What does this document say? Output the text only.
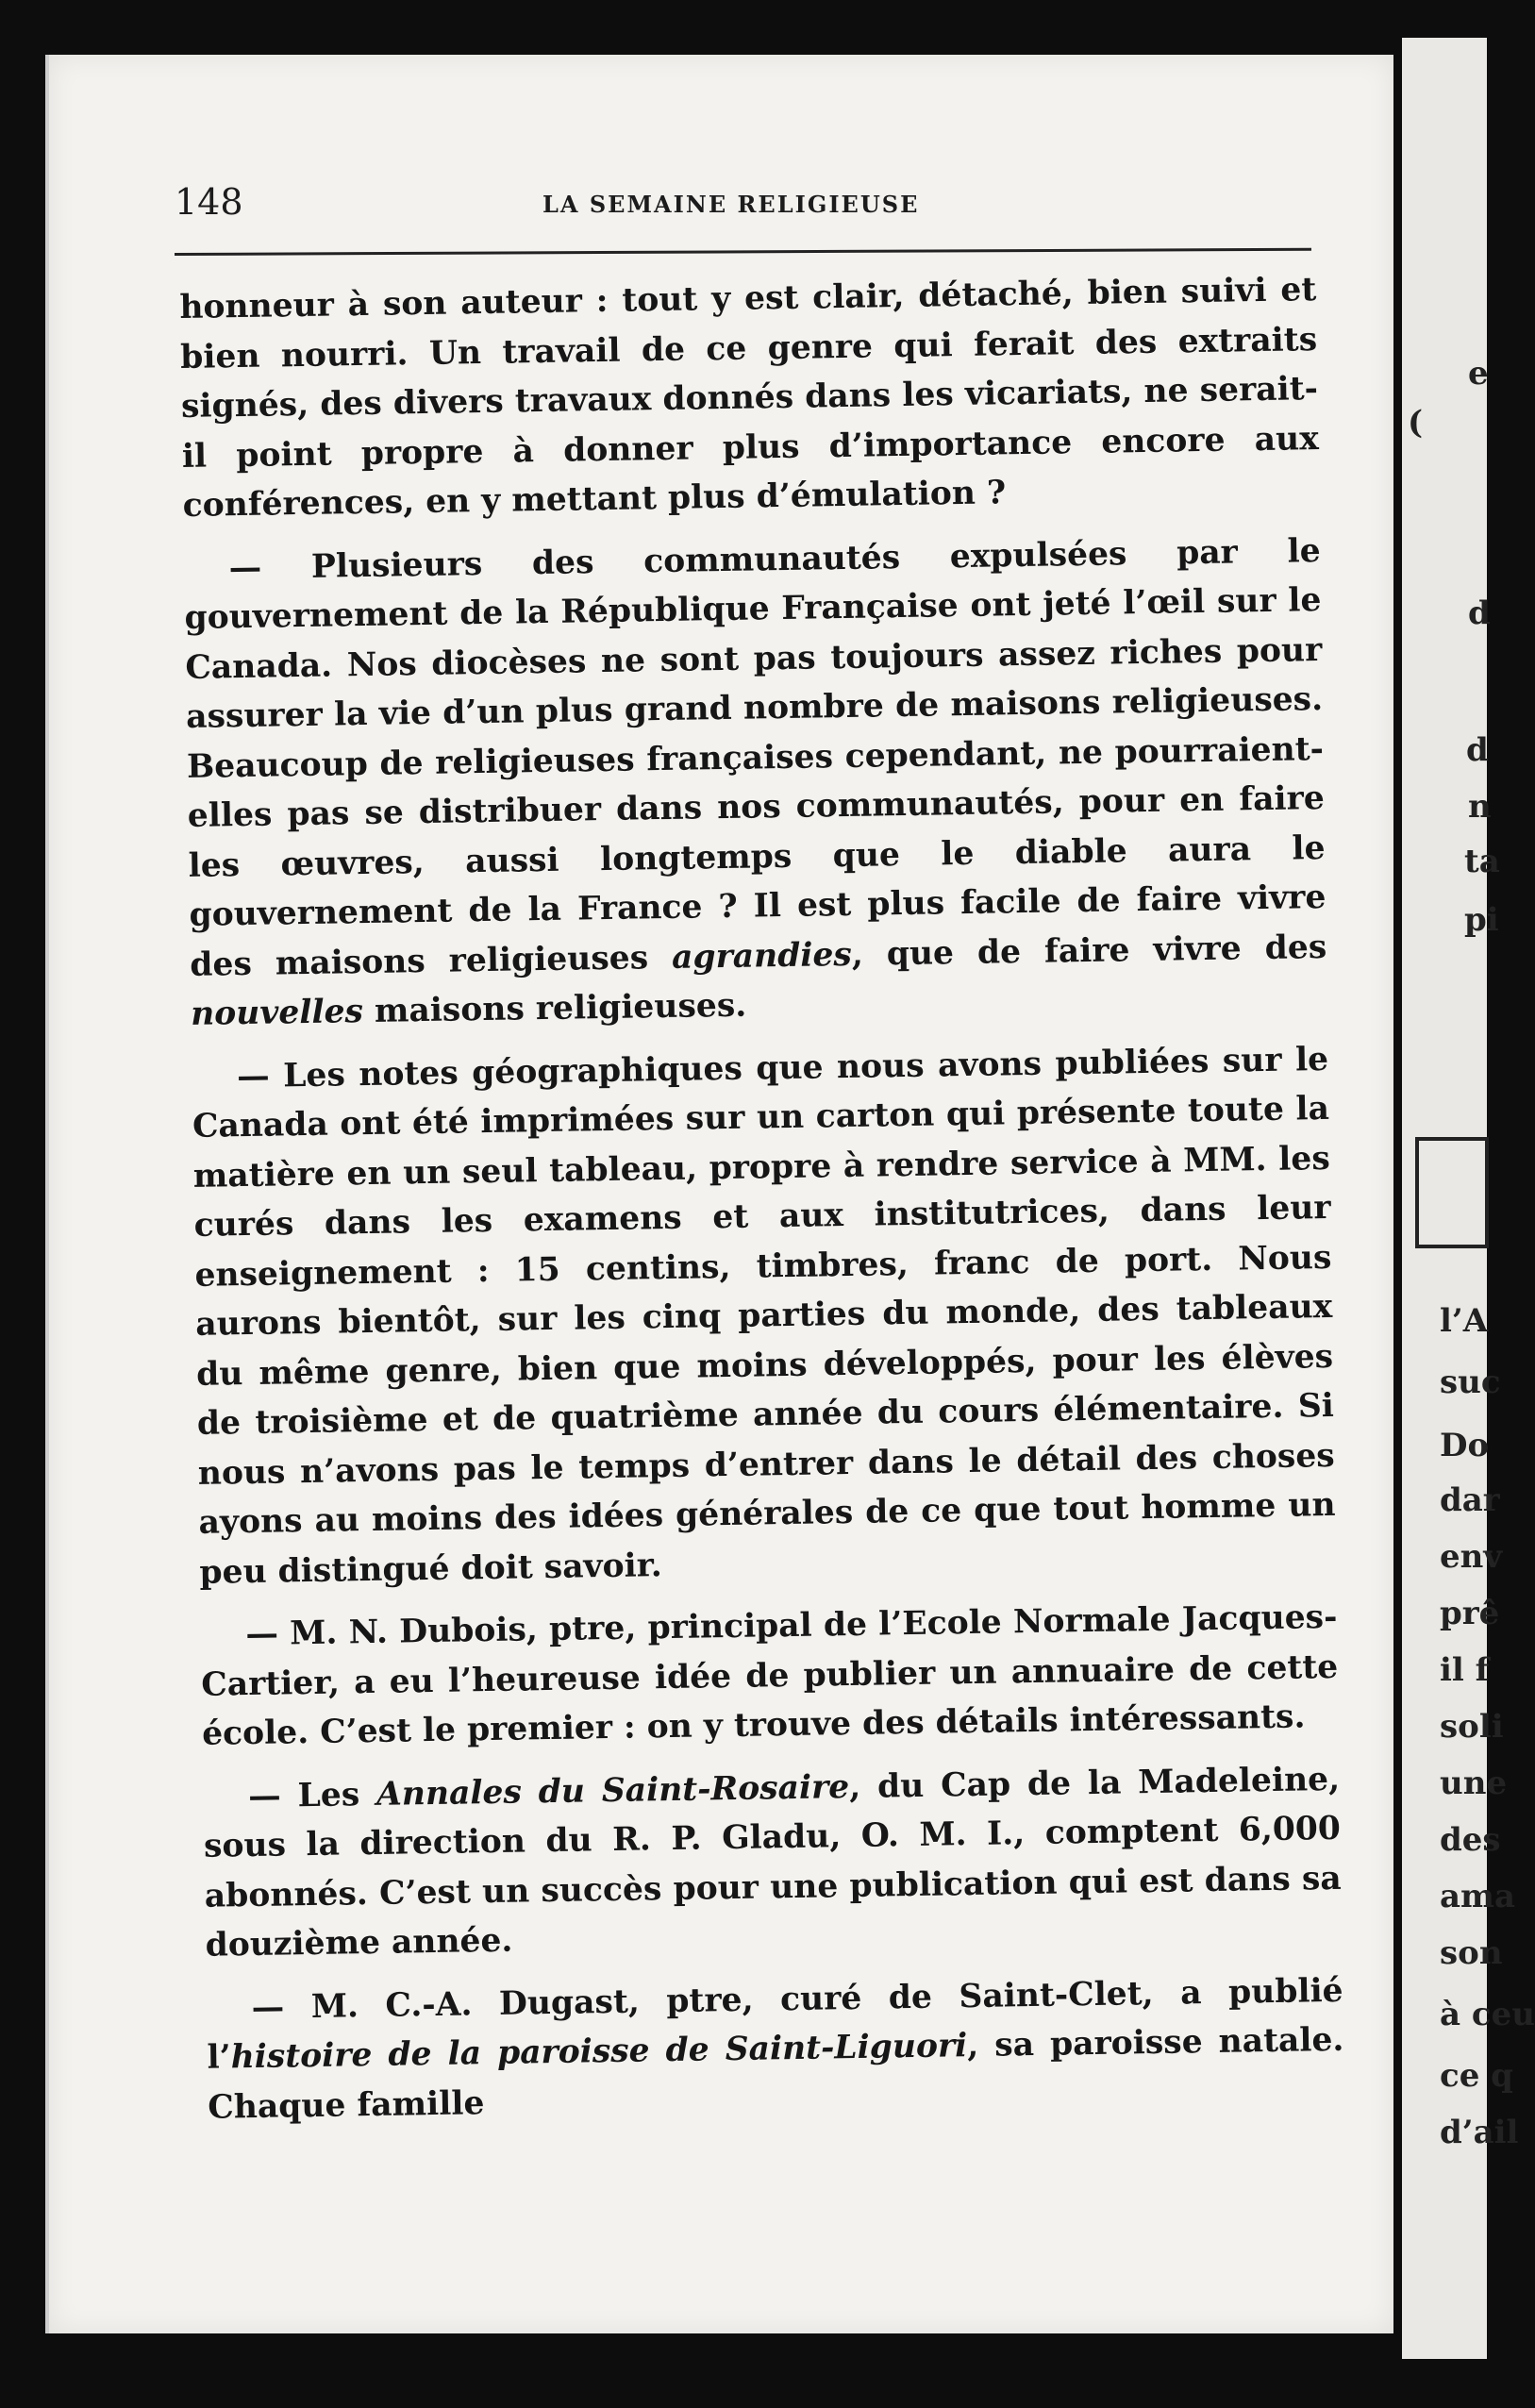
148	LA SEMAINE RELIGIEUSE

honneur à son auteur : tout y est clair, détaché, bien suivi et bien nourri. Un travail de ce genre qui ferait des extraits signés, des divers travaux donnés dans les vicariats, ne serait-il point propre à donner plus d’importance encore aux conférences, en y mettant plus d’émulation ?

— Plusieurs des communautés expulsées par le gouvernement de la République Française ont jeté l’œil sur le Canada. Nos diocèses ne sont pas toujours assez riches pour assurer la vie d’un plus grand nombre de maisons religieuses. Beaucoup de religieuses françaises cependant, ne pourraient-elles pas se distribuer dans nos communautés, pour en faire les œuvres, aussi longtemps que le diable aura le gouvernement de la France ? Il est plus facile de faire vivre des maisons religieuses agrandies, que de faire vivre des nouvelles maisons religieuses.

— Les notes géographiques que nous avons publiées sur le Canada ont été imprimées sur un carton qui présente toute la matière en un seul tableau, propre à rendre service à MM. les curés dans les examens et aux institutrices, dans leur enseignement : 15 centins, timbres, franc de port. Nous aurons bientôt, sur les cinq parties du monde, des tableaux du même genre, bien que moins développés, pour les élèves de troisième et de quatrième année du cours élémentaire. Si nous n’avons pas le temps d’entrer dans le détail des choses ayons au moins des idées générales de ce que tout homme un peu distingué doit savoir.

— M. N. Dubois, ptre, principal de l’Ecole Normale Jacques-Cartier, a eu l’heureuse idée de publier un annuaire de cette école. C’est le premier : on y trouve des détails intéressants.

— Les Annales du Saint-Rosaire, du Cap de la Madeleine, sous la direction du R. P. Gladu, O. M. I., comptent 6,000 abonnés. C’est un succès pour une publication qui est dans sa douzième année.

— M. C.-A. Dugast, ptre, curé de Saint-Clet, a publié l’histoire de la paroisse de Saint-Liguori, sa paroisse natale. Chaque famille

(
e
d
d
n
ta
pi
l’A
suc
Do
dar
env
prê
il f
soli
une
des
ama
son
à ceu
ce q
d’ail
